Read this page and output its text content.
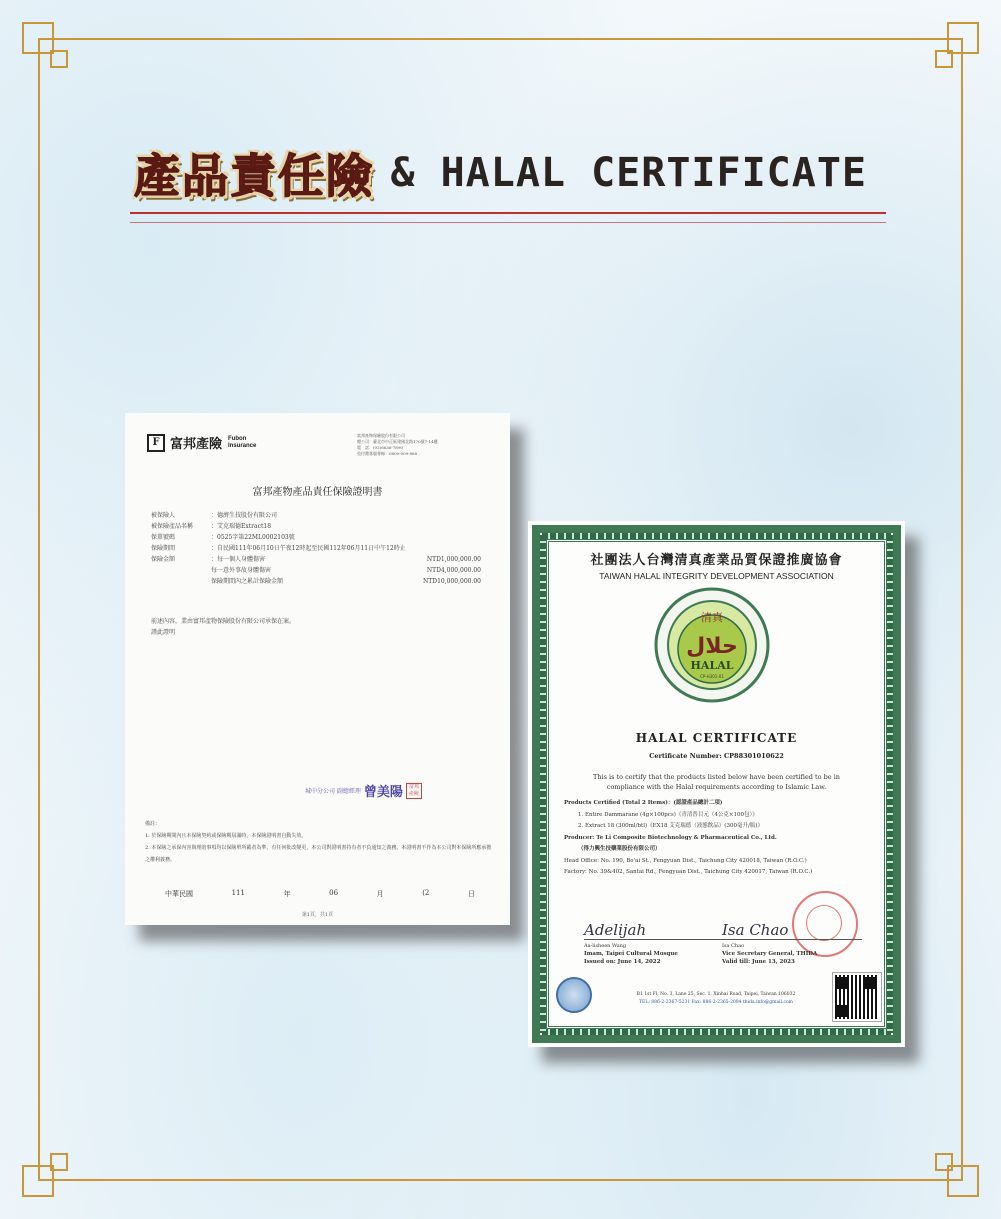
產品責任險 & HALAL CERTIFICATE
F 富邦產險 Fubon
Insurance
富邦產物保險股份有限公司
總公司：臺北市中正區建國北路170號7-14樓
電　話：(02)6636-7890
免付費客服專線：0800-009-888
富邦產物產品責任保險證明書
被保險人	：德濟生技股份有限公司
被保險產品名稱	：艾克瑞德Extract18
保單號碼	：0525字第22ML0002103號
保險期間	：自民國111年06月10日午夜12時起至民國112年06月11日中午12時止
保險金額	：每一個人身體傷害	NTD1,000,000.00
每一意外事故身體傷害	NTD4,000,000.00
保險期間內之累計保險金額	NTD10,000,000.00
前述內容，業由富邦產物保險股份有限公司承保在案。
謹此證明
城中分公司 副總經理 曾美陽	富邦產險
備註：
1. 於保險期間內且本保險契約或保險期屆滿時，本保險證明書自動失效。
2. 本保險之承保內容與理賠事項均以保險單所載者為準，有任何批改變更，本公司對證明書持有者不負通知之義務。本證明書不作為本公司對本保險所應承擔之權利義務。
中華民國	111	年	06	月	(2	日
第1頁，共1頁
社團法人台灣清真產業品質保證推廣協會
TAIWAN HALAL INTEGRITY DEVELOPMENT ASSOCIATION
清真
حلال
HALAL
CP-H301-01
HALAL CERTIFICATE
Certificate Number: CP88301010622
This is to certify that the products listed below have been certified to be in compliance with the Halal requirements according to Islamic Law.
Products Certified (Total 2 Items)：(認證產品總計二項)
1. Entire Dammarane (4g×100pcs)《青清普目元（4公克×100包）》
2. Extract 18 (300ml/btl)《EX18 艾克瑞德（液態飲品）(300毫升/瓶)》
Producer: Te Li Composite Biotechnology & Pharmaceutical Co., Ltd.
（得力興生技藥業股份有限公司）
Head Office: No. 190, Bo'ai St., Fengyuan Dist., Taichung City 420018, Taiwan (R.O.C.)
Factory: No. 39&402, Santai Rd., Fengyuan Dist., Taichung City 420017, Taiwan (R.O.C.)
Adelijah
Aa-lisheen Wang
Imam, Taipei Cultural Mosque
Issued on: June 14, 2022
Isa Chao
Isa Chao
Vice Secretary General, THIDA
Valid till: June 13, 2023
B1 1st Fl, No. 3, Lane 25, Sec. 1, Xinhai Road, Taipei, Taiwan 106032
TEL: 886-2-2367-5231 Fax: 886-2-2365-2094 thida.info@gmail.com
